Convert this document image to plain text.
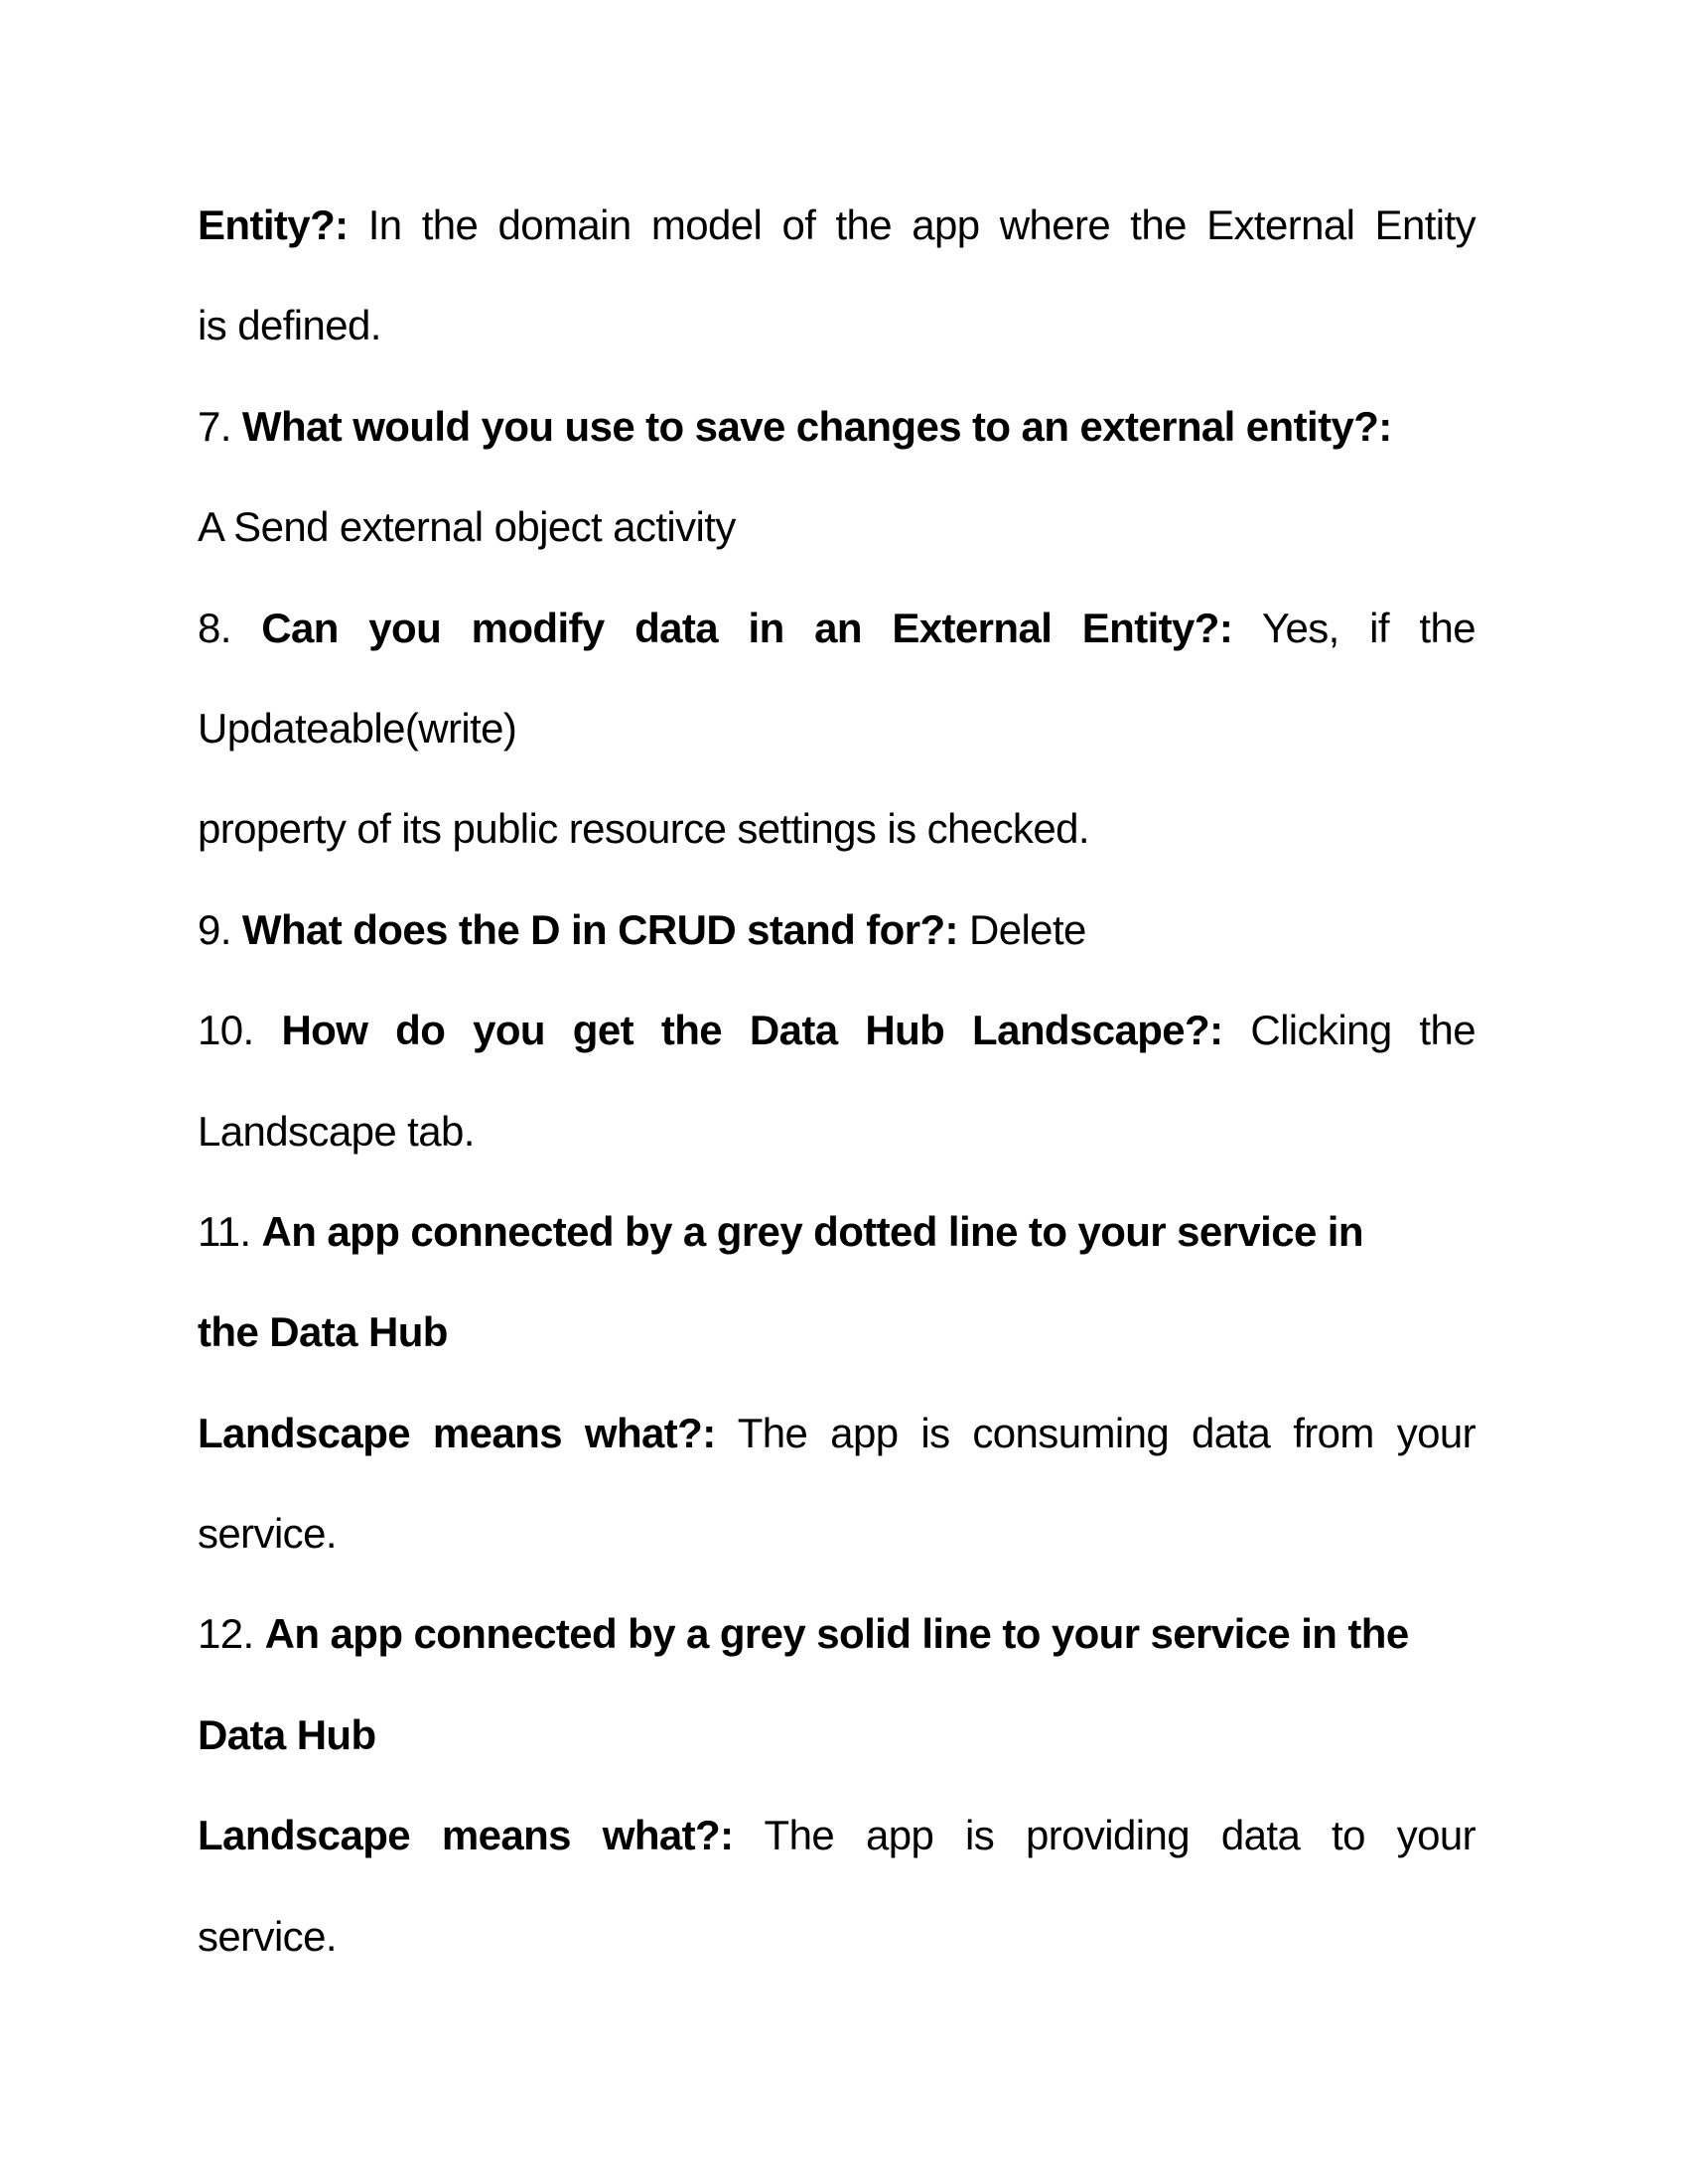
Entity?: In the domain model of the app where the External Entity
is defined.
7. What would you use to save changes to an external entity?:
A Send external object activity
8. Can you modify data in an External Entity?: Yes, if the
Updateable(write)
property of its public resource settings is checked.
9. What does the D in CRUD stand for?: Delete
10. How do you get the Data Hub Landscape?: Clicking the
Landscape tab.
11. An app connected by a grey dotted line to your service in
the Data Hub
Landscape means what?: The app is consuming data from your
service.
12. An app connected by a grey solid line to your service in the
Data Hub
Landscape means what?: The app is providing data to your
service.
